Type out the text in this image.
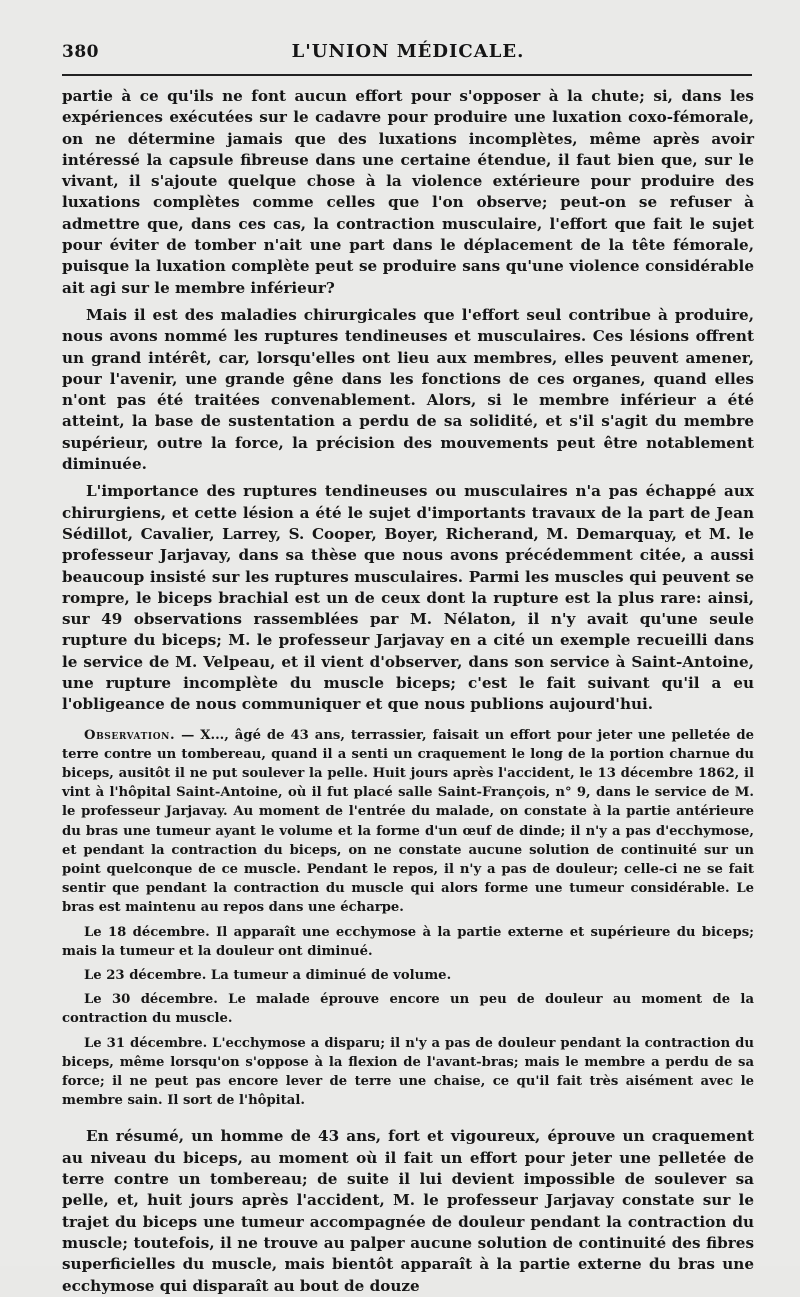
380	L'UNION MÉDICALE.

partie à ce qu'ils ne font aucun effort pour s'opposer à la chute; si, dans les expériences exécutées sur le cadavre pour produire une luxation coxo-fémorale, on ne détermine jamais que des luxations incomplètes, même après avoir intéressé la capsule fibreuse dans une certaine étendue, il faut bien que, sur le vivant, il s'ajoute quelque chose à la violence extérieure pour produire des luxations complètes comme celles que l'on observe; peut-on se refuser à admettre que, dans ces cas, la contraction musculaire, l'effort que fait le sujet pour éviter de tomber n'ait une part dans le déplacement de la tête fémorale, puisque la luxation complète peut se produire sans qu'une violence considérable ait agi sur le membre inférieur?

Mais il est des maladies chirurgicales que l'effort seul contribue à produire, nous avons nommé les ruptures tendineuses et musculaires. Ces lésions offrent un grand intérêt, car, lorsqu'elles ont lieu aux membres, elles peuvent amener, pour l'avenir, une grande gêne dans les fonctions de ces organes, quand elles n'ont pas été traitées convenablement. Alors, si le membre inférieur a été atteint, la base de sustentation a perdu de sa solidité, et s'il s'agit du membre supérieur, outre la force, la précision des mouvements peut être notablement diminuée.

L'importance des ruptures tendineuses ou musculaires n'a pas échappé aux chirurgiens, et cette lésion a été le sujet d'importants travaux de la part de Jean Sédillot, Cavalier, Larrey, S. Cooper, Boyer, Richerand, M. Demarquay, et M. le professeur Jarjavay, dans sa thèse que nous avons précédemment citée, a aussi beaucoup insisté sur les ruptures musculaires. Parmi les muscles qui peuvent se rompre, le biceps brachial est un de ceux dont la rupture est la plus rare: ainsi, sur 49 observations rassemblées par M. Nélaton, il n'y avait qu'une seule rupture du biceps; M. le professeur Jarjavay en a cité un exemple recueilli dans le service de M. Velpeau, et il vient d'observer, dans son service à Saint-Antoine, une rupture incomplète du muscle biceps; c'est le fait suivant qu'il a eu l'obligeance de nous communiquer et que nous publions aujourd'hui.

Observation. — X..., âgé de 43 ans, terrassier, faisait un effort pour jeter une pelletée de terre contre un tombereau, quand il a senti un craquement le long de la portion charnue du biceps, ausitôt il ne put soulever la pelle. Huit jours après l'accident, le 13 décembre 1862, il vint à l'hôpital Saint-Antoine, où il fut placé salle Saint-François, n° 9, dans le service de M. le professeur Jarjavay. Au moment de l'entrée du malade, on constate à la partie antérieure du bras une tumeur ayant le volume et la forme d'un œuf de dinde; il n'y a pas d'ecchymose, et pendant la contraction du biceps, on ne constate aucune solution de continuité sur un point quelconque de ce muscle. Pendant le repos, il n'y a pas de douleur; celle-ci ne se fait sentir que pendant la contraction du muscle qui alors forme une tumeur considérable. Le bras est maintenu au repos dans une écharpe.

Le 18 décembre. Il apparaît une ecchymose à la partie externe et supérieure du biceps; mais la tumeur et la douleur ont diminué.

Le 23 décembre. La tumeur a diminué de volume.

Le 30 décembre. Le malade éprouve encore un peu de douleur au moment de la contraction du muscle.

Le 31 décembre. L'ecchymose a disparu; il n'y a pas de douleur pendant la contraction du biceps, même lorsqu'on s'oppose à la flexion de l'avant-bras; mais le membre a perdu de sa force; il ne peut pas encore lever de terre une chaise, ce qu'il fait très aisément avec le membre sain. Il sort de l'hôpital.

En résumé, un homme de 43 ans, fort et vigoureux, éprouve un craquement au niveau du biceps, au moment où il fait un effort pour jeter une pelletée de terre contre un tombereau; de suite il lui devient impossible de soulever sa pelle, et, huit jours après l'accident, M. le professeur Jarjavay constate sur le trajet du biceps une tumeur accompagnée de douleur pendant la contraction du muscle; toutefois, il ne trouve au palper aucune solution de continuité des fibres superficielles du muscle, mais bientôt apparaît à la partie externe du bras une ecchymose qui disparaît au bout de douze
